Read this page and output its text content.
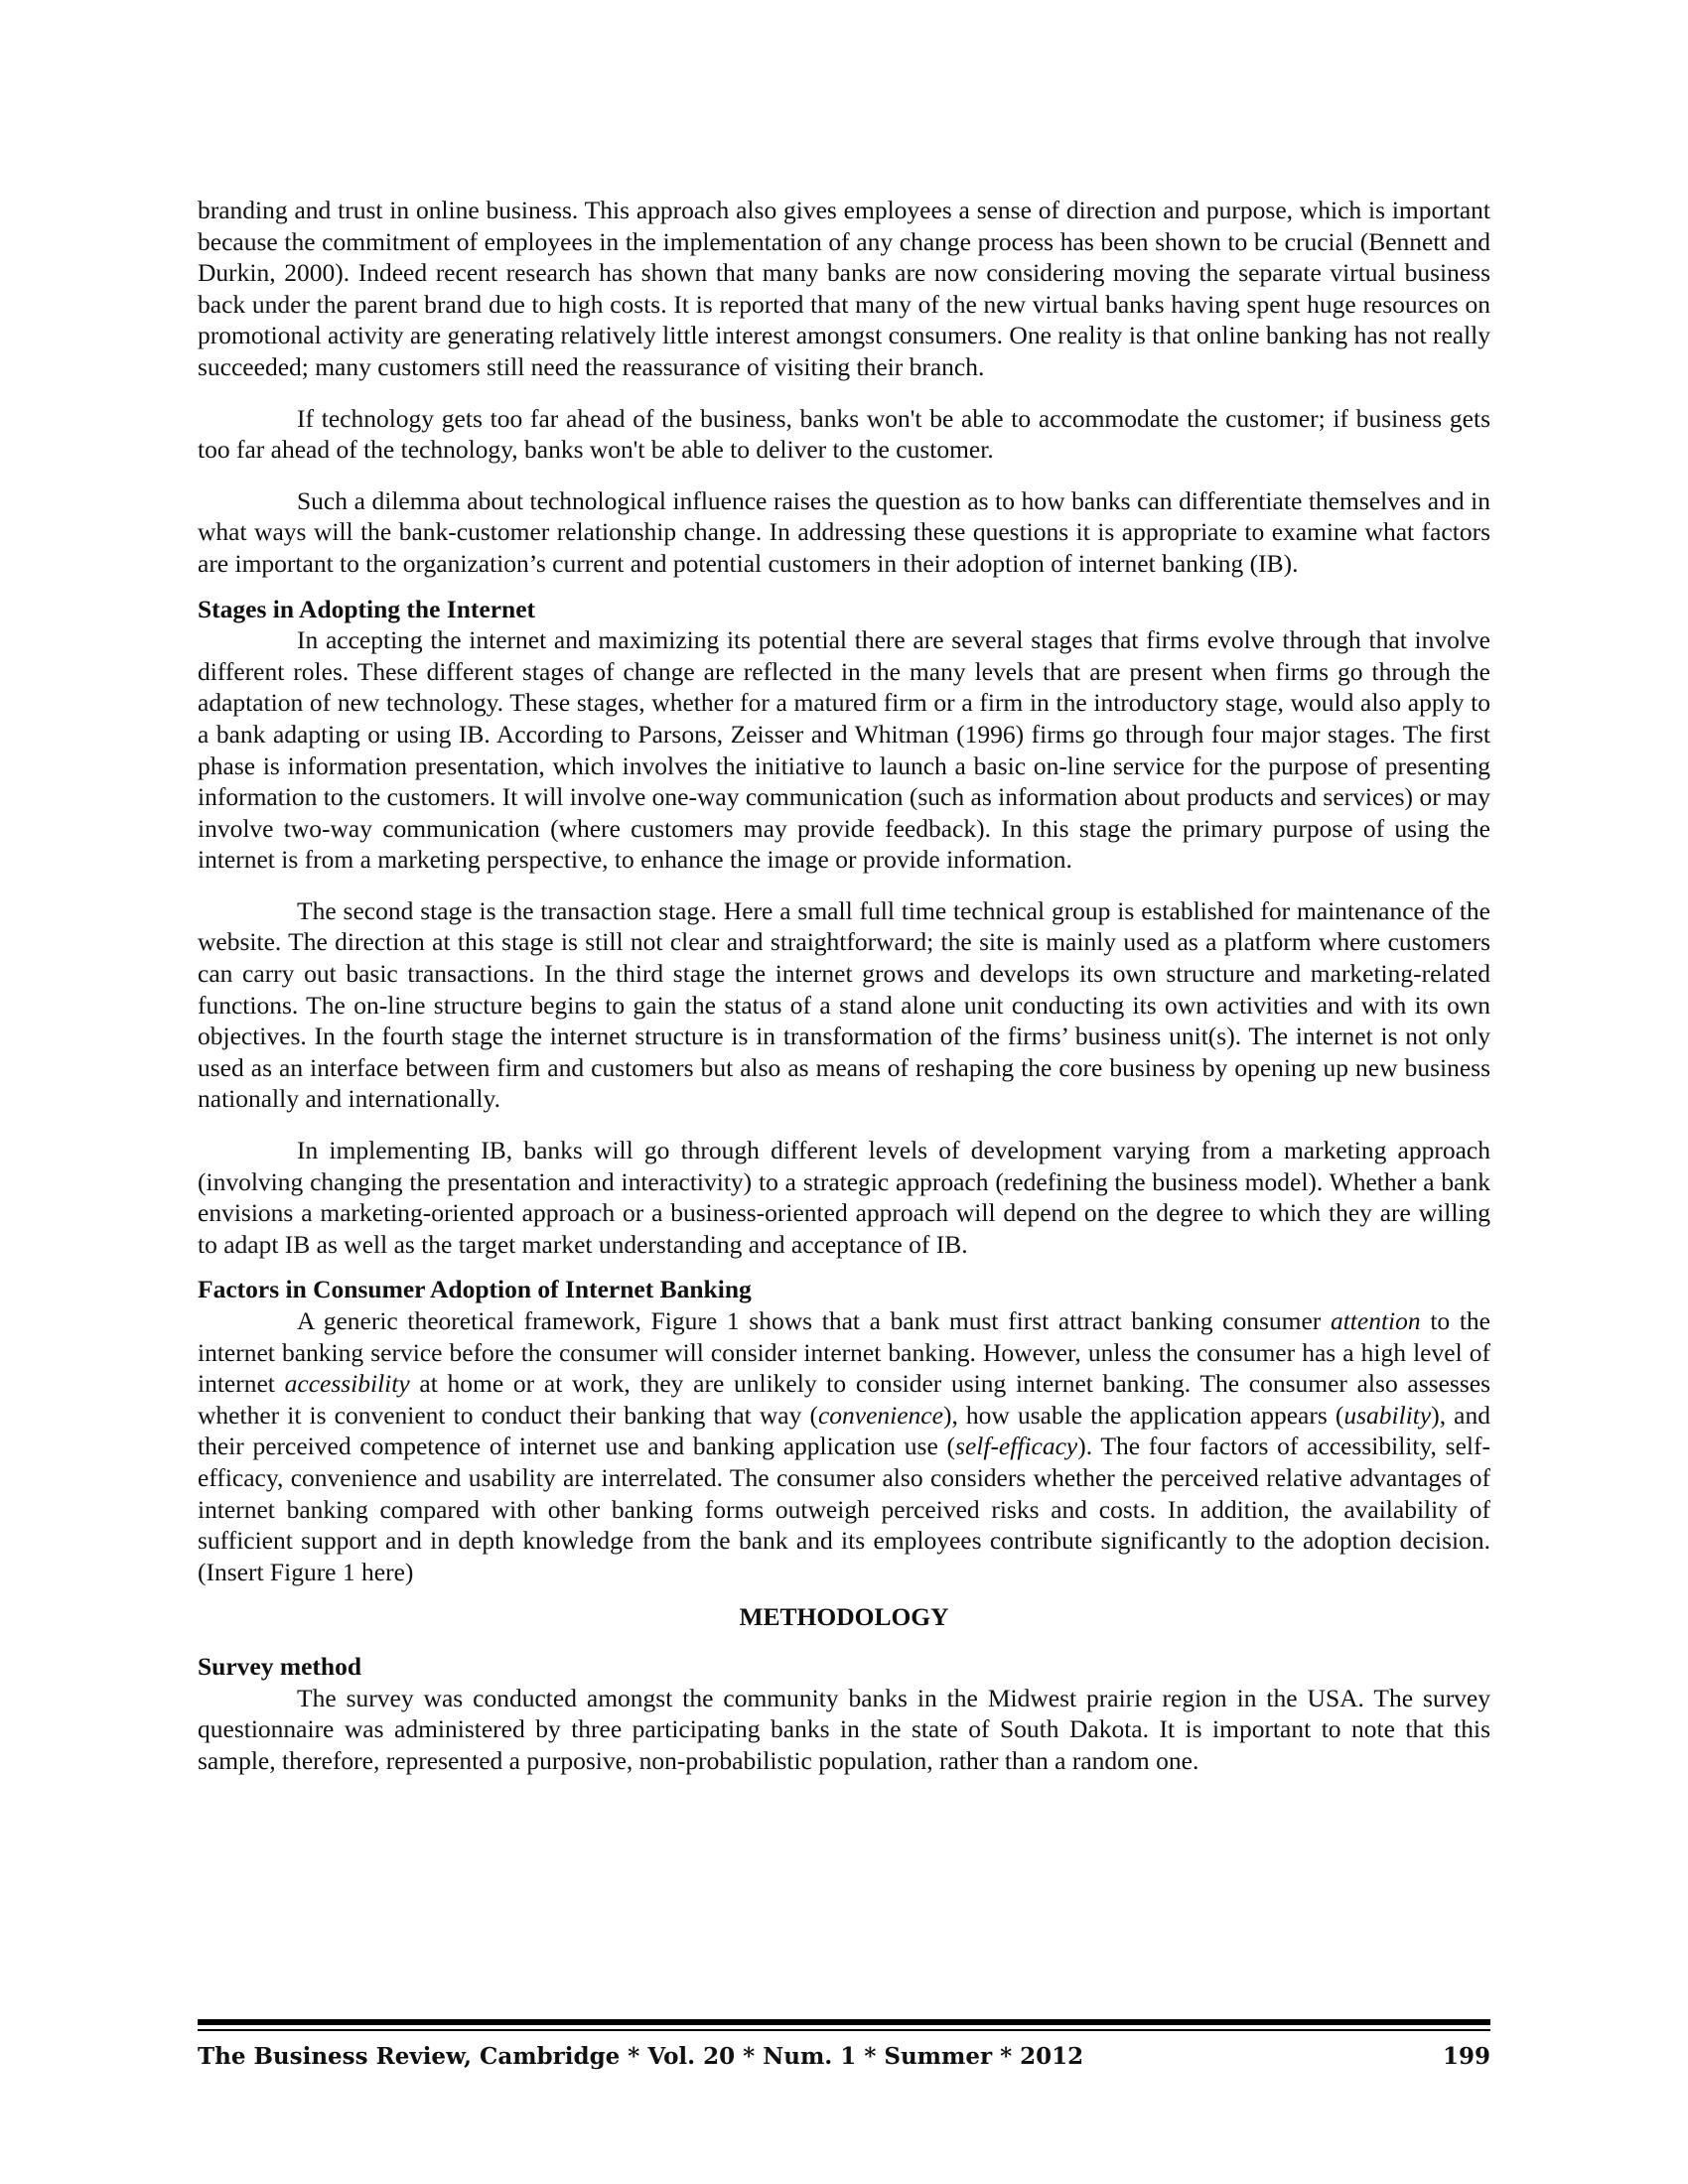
branding and trust in online business. This approach also gives employees a sense of direction and purpose, which is important because the commitment of employees in the implementation of any change process has been shown to be crucial (Bennett and Durkin, 2000). Indeed recent research has shown that many banks are now considering moving the separate virtual business back under the parent brand due to high costs. It is reported that many of the new virtual banks having spent huge resources on promotional activity are generating relatively little interest amongst consumers. One reality is that online banking has not really succeeded; many customers still need the reassurance of visiting their branch.

If technology gets too far ahead of the business, banks won't be able to accommodate the customer; if business gets too far ahead of the technology, banks won't be able to deliver to the customer.

Such a dilemma about technological influence raises the question as to how banks can differentiate themselves and in what ways will the bank-customer relationship change. In addressing these questions it is appropriate to examine what factors are important to the organization’s current and potential customers in their adoption of internet banking (IB).

Stages in Adopting the Internet

In accepting the internet and maximizing its potential there are several stages that firms evolve through that involve different roles. These different stages of change are reflected in the many levels that are present when firms go through the adaptation of new technology. These stages, whether for a matured firm or a firm in the introductory stage, would also apply to a bank adapting or using IB. According to Parsons, Zeisser and Whitman (1996) firms go through four major stages. The first phase is information presentation, which involves the initiative to launch a basic on-line service for the purpose of presenting information to the customers. It will involve one-way communication (such as information about products and services) or may involve two-way communication (where customers may provide feedback). In this stage the primary purpose of using the internet is from a marketing perspective, to enhance the image or provide information.

The second stage is the transaction stage. Here a small full time technical group is established for maintenance of the website. The direction at this stage is still not clear and straightforward; the site is mainly used as a platform where customers can carry out basic transactions. In the third stage the internet grows and develops its own structure and marketing-related functions. The on-line structure begins to gain the status of a stand alone unit conducting its own activities and with its own objectives. In the fourth stage the internet structure is in transformation of the firms’ business unit(s). The internet is not only used as an interface between firm and customers but also as means of reshaping the core business by opening up new business nationally and internationally.

In implementing IB, banks will go through different levels of development varying from a marketing approach (involving changing the presentation and interactivity) to a strategic approach (redefining the business model). Whether a bank envisions a marketing-oriented approach or a business-oriented approach will depend on the degree to which they are willing to adapt IB as well as the target market understanding and acceptance of IB.

Factors in Consumer Adoption of Internet Banking

A generic theoretical framework, Figure 1 shows that a bank must first attract banking consumer attention to the internet banking service before the consumer will consider internet banking. However, unless the consumer has a high level of internet accessibility at home or at work, they are unlikely to consider using internet banking. The consumer also assesses whether it is convenient to conduct their banking that way (convenience), how usable the application appears (usability), and their perceived competence of internet use and banking application use (self-efficacy). The four factors of accessibility, self-efficacy, convenience and usability are interrelated. The consumer also considers whether the perceived relative advantages of internet banking compared with other banking forms outweigh perceived risks and costs. In addition, the availability of sufficient support and in depth knowledge from the bank and its employees contribute significantly to the adoption decision. (Insert Figure 1 here)

METHODOLOGY
Survey method

The survey was conducted amongst the community banks in the Midwest prairie region in the USA. The survey questionnaire was administered by three participating banks in the state of South Dakota. It is important to note that this sample, therefore, represented a purposive, non-probabilistic population, rather than a random one.

The Business Review, Cambridge * Vol. 20 * Num. 1 * Summer * 2012	199
